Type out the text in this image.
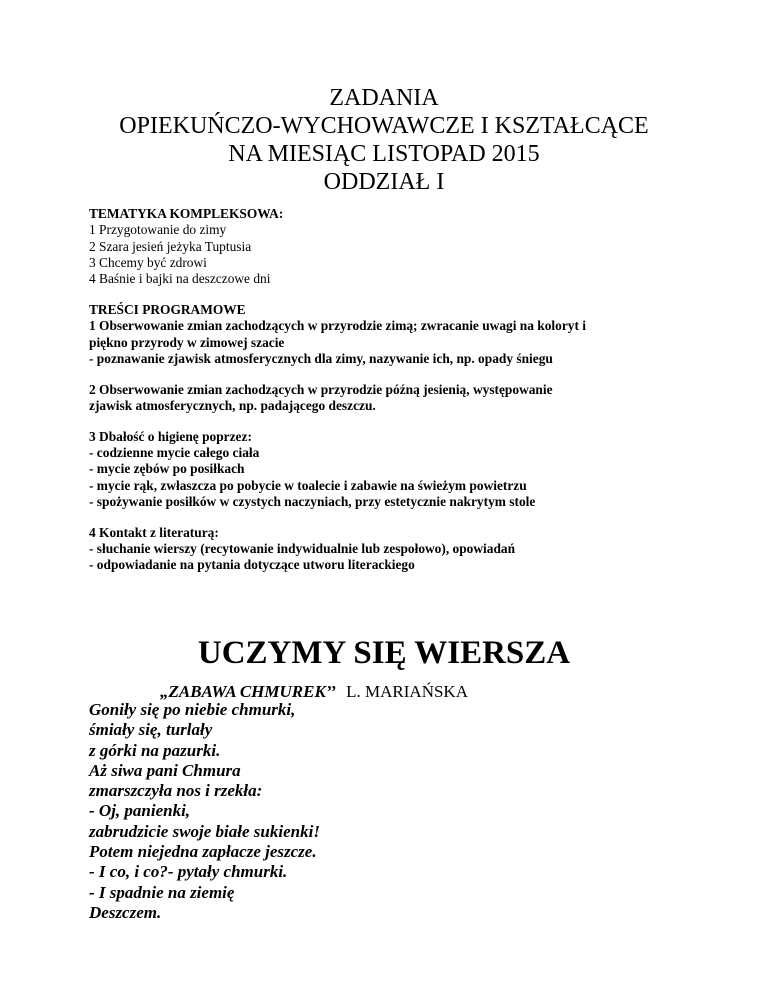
ZADANIA
OPIEKUŃCZO-WYCHOWAWCZE I KSZTAŁCĄCE
NA MIESIĄC LISTOPAD 2015
ODDZIAŁ I
TEMATYKA KOMPLEKSOWA:
1 Przygotowanie do zimy
2 Szara jesień jeżyka Tuptusia
3 Chcemy być zdrowi
4 Baśnie i bajki na deszczowe dni
TREŚCI PROGRAMOWE
1 Obserwowanie zmian zachodzących w przyrodzie zimą; zwracanie uwagi na koloryt i
piękno przyrody w zimowej szacie
- poznawanie zjawisk atmosferycznych dla zimy, nazywanie ich, np. opady śniegu
2 Obserwowanie zmian zachodzących w przyrodzie późną jesienią, występowanie
zjawisk atmosferycznych, np. padającego deszczu.
3 Dbałość o higienę poprzez:
- codzienne mycie całego ciała
- mycie zębów po posiłkach
- mycie rąk, zwłaszcza po pobycie w toalecie i zabawie na świeżym powietrzu
- spożywanie posiłków w czystych naczyniach, przy estetycznie nakrytym stole
4 Kontakt z literaturą:
- słuchanie wierszy (recytowanie indywidualnie lub zespołowo), opowiadań
- odpowiadanie na pytania dotyczące utworu literackiego
UCZYMY SIĘ WIERSZA
„ZABAWA CHMUREK’’ L. MARIAŃSKA
Goniły się po niebie chmurki,
śmiały się, turlały
z górki na pazurki.
Aż siwa pani Chmura
zmarszczyła nos i rzekła:
- Oj, panienki,
zabrudzicie swoje białe sukienki!
Potem niejedna zapłacze jeszcze.
- I co, i co?- pytały chmurki.
- I spadnie na ziemię
Deszczem.
